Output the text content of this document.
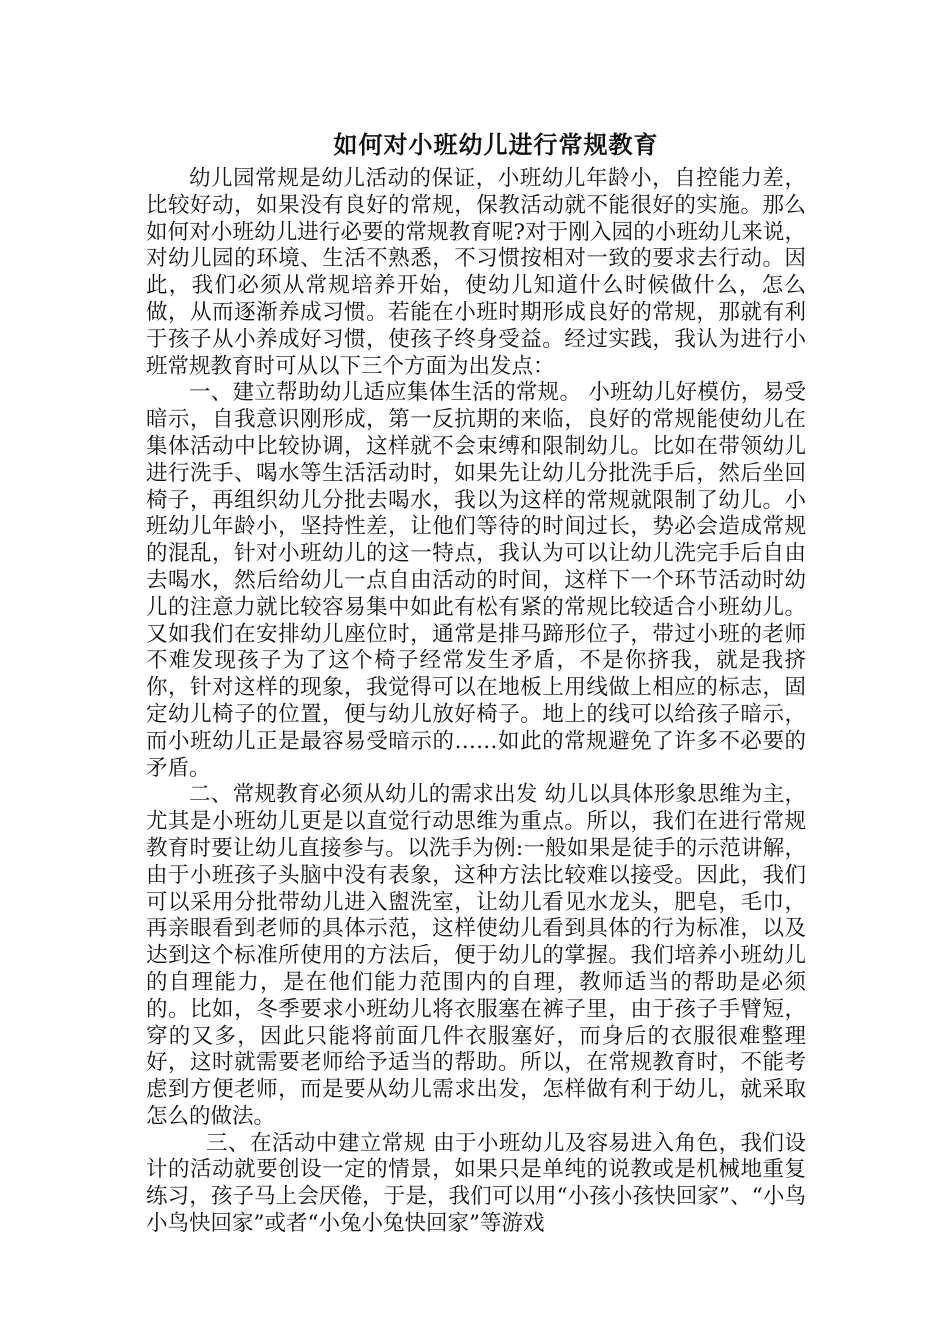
如何对小班幼儿进行常规教育

幼儿园常规是幼儿活动的保证，小班幼儿年龄小，自控能力差，比较好动，如果没有良好的常规，保教活动就不能很好的实施。那么如何对小班幼儿进行必要的常规教育呢?对于刚入园的小班幼儿来说，对幼儿园的环境、生活不熟悉，不习惯按相对一致的要求去行动。因此，我们必须从常规培养开始，使幼儿知道什么时候做什么，怎么做，从而逐渐养成习惯。若能在小班时期形成良好的常规，那就有利于孩子从小养成好习惯，使孩子终身受益。经过实践，我认为进行小班常规教育时可从以下三个方面为出发点：

一、建立帮助幼儿适应集体生活的常规。 小班幼儿好模仿，易受暗示，自我意识刚形成，第一反抗期的来临，良好的常规能使幼儿在集体活动中比较协调，这样就不会束缚和限制幼儿。比如在带领幼儿进行洗手、喝水等生活活动时，如果先让幼儿分批洗手后，然后坐回椅子，再组织幼儿分批去喝水，我以为这样的常规就限制了幼儿。小班幼儿年龄小，坚持性差，让他们等待的时间过长，势必会造成常规的混乱，针对小班幼儿的这一特点，我认为可以让幼儿洗完手后自由去喝水，然后给幼儿一点自由活动的时间，这样下一个环节活动时幼儿的注意力就比较容易集中如此有松有紧的常规比较适合小班幼儿。 又如我们在安排幼儿座位时，通常是排马蹄形位子，带过小班的老师不难发现孩子为了这个椅子经常发生矛盾，不是你挤我，就是我挤你，针对这样的现象，我觉得可以在地板上用线做上相应的标志，固定幼儿椅子的位置，便与幼儿放好椅子。地上的线可以给孩子暗示，而小班幼儿正是最容易受暗示的……如此的常规避免了许多不必要的矛盾。

二、常规教育必须从幼儿的需求出发 幼儿以具体形象思维为主，尤其是小班幼儿更是以直觉行动思维为重点。所以，我们在进行常规教育时要让幼儿直接参与。以洗手为例:一般如果是徒手的示范讲解，由于小班孩子头脑中没有表象，这种方法比较难以接受。因此，我们可以采用分批带幼儿进入盥洗室，让幼儿看见水龙头，肥皂，毛巾，再亲眼看到老师的具体示范，这样使幼儿看到具体的行为标准，以及达到这个标准所使用的方法后，便于幼儿的掌握。我们培养小班幼儿的自理能力，是在他们能力范围内的自理，教师适当的帮助是必须的。比如，冬季要求小班幼儿将衣服塞在裤子里，由于孩子手臂短，穿的又多，因此只能将前面几件衣服塞好，而身后的衣服很难整理好，这时就需要老师给予适当的帮助。所以，在常规教育时，不能考虑到方便老师，而是要从幼儿需求出发，怎样做有利于幼儿，就采取怎么的做法。

三、在活动中建立常规 由于小班幼儿及容易进入角色，我们设计的活动就要创设一定的情景，如果只是单纯的说教或是机械地重复练习，孩子马上会厌倦，于是，我们可以用“小孩小孩快回家”、“小鸟小鸟快回家”或者“小兔小兔快回家”等游戏
